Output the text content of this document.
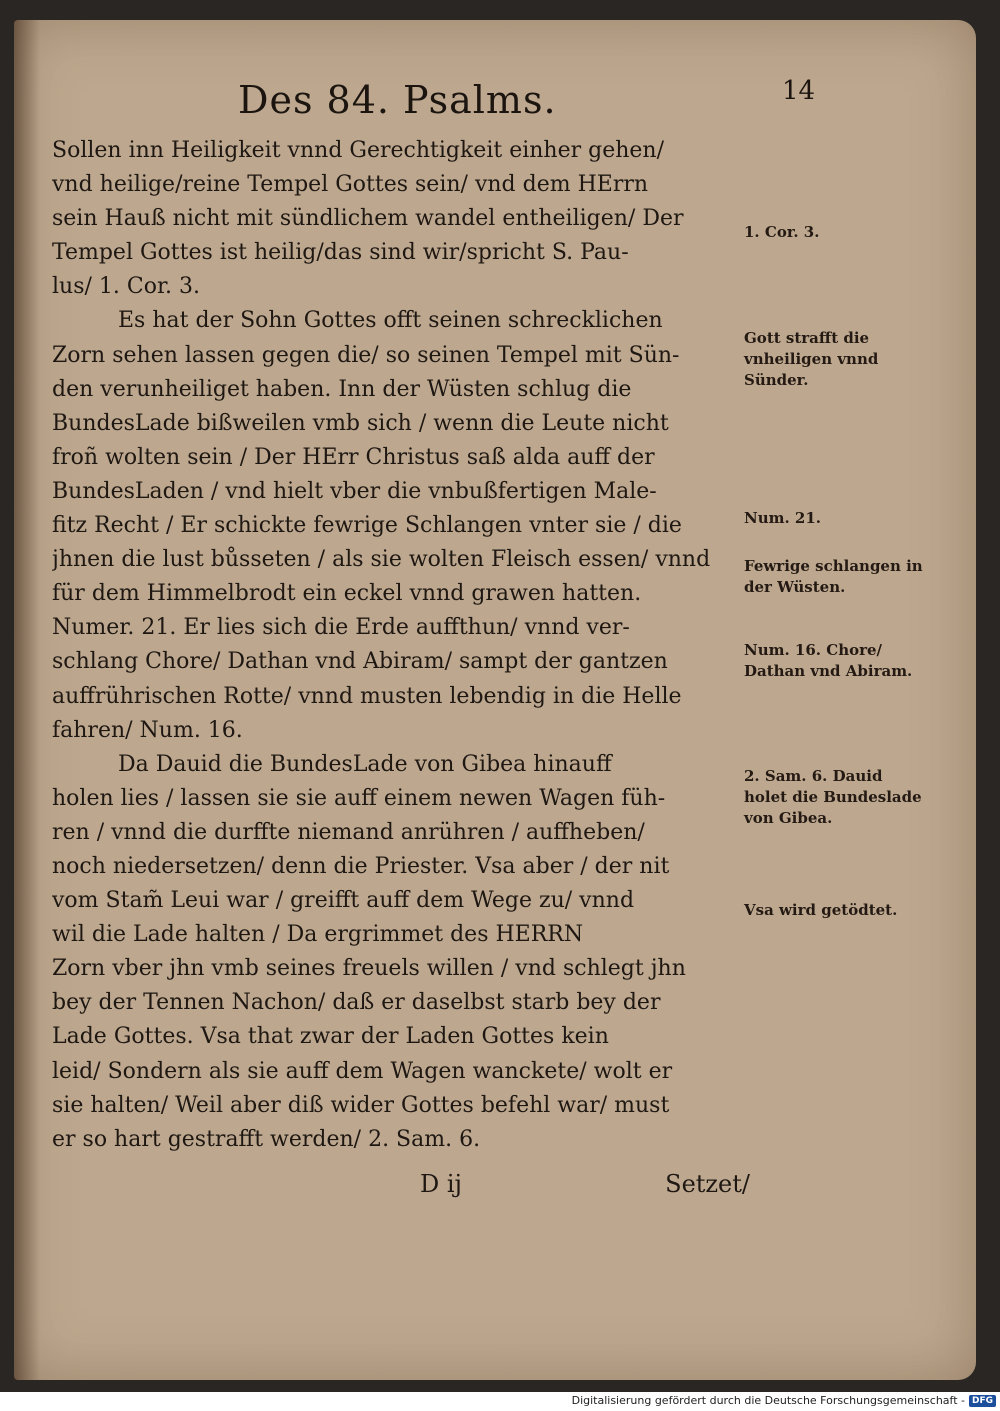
Des 84. Psalms.	14
Sollen inn Heiligkeit vnnd Gerechtigkeit einher gehen/
vnd heilige/reine Tempel Gottes sein/ vnd dem HErrn
sein Hauß nicht mit sündlichem wandel entheiligen/ Der
Tempel Gottes ist heilig/das sind wir/spricht S. Pau-
lus/ 1. Cor. 3.
Es hat der Sohn Gottes offt seinen schrecklichen
Zorn sehen lassen gegen die/ so seinen Tempel mit Sün-
den verunheiliget haben. Inn der Wüsten schlug die
BundesLade bißweilen vmb sich / wenn die Leute nicht
froñ wolten sein / Der HErr Christus saß alda auff der
BundesLaden / vnd hielt vber die vnbußfertigen Male-
fitz Recht / Er schickte fewrige Schlangen vnter sie / die
jhnen die lust bůsseten / als sie wolten Fleisch essen/ vnnd
für dem Himmelbrodt ein eckel vnnd grawen hatten.
Numer. 21. Er lies sich die Erde auffthun/ vnnd ver-
schlang Chore/ Dathan vnd Abiram/ sampt der gantzen
auffrührischen Rotte/ vnnd musten lebendig in die Helle
fahren/ Num. 16.
Da Dauid die BundesLade von Gibea hinauff
holen lies / lassen sie sie auff einem newen Wagen füh-
ren / vnnd die durffte niemand anrühren / auffheben/
noch niedersetzen/ denn die Priester. Vsa aber / der nit
vom Stam̃ Leui war / greifft auff dem Wege zu/ vnnd
wil die Lade halten / Da ergrimmet des HERRN
Zorn vber jhn vmb seines freuels willen / vnd schlegt jhn
bey der Tennen Nachon/ daß er daselbst starb bey der
Lade Gottes. Vsa that zwar der Laden Gottes kein
leid/ Sondern als sie auff dem Wagen wanckete/ wolt er
sie halten/ Weil aber diß wider Gottes befehl war/ must
er so hart gestrafft werden/ 2. Sam. 6.
1. Cor. 3.
Gott strafft die vnheiligen vnnd Sünder.
Num. 21.
Fewrige schlangen in der Wüsten.
Num. 16. Chore/ Dathan vnd Abiram.
2. Sam. 6. Dauid holet die Bundeslade von Gibea.
Vsa wird getödtet.
D ij	Setzet/
Digitalisierung gefördert durch die Deutsche Forschungsgemeinschaft - DFG
